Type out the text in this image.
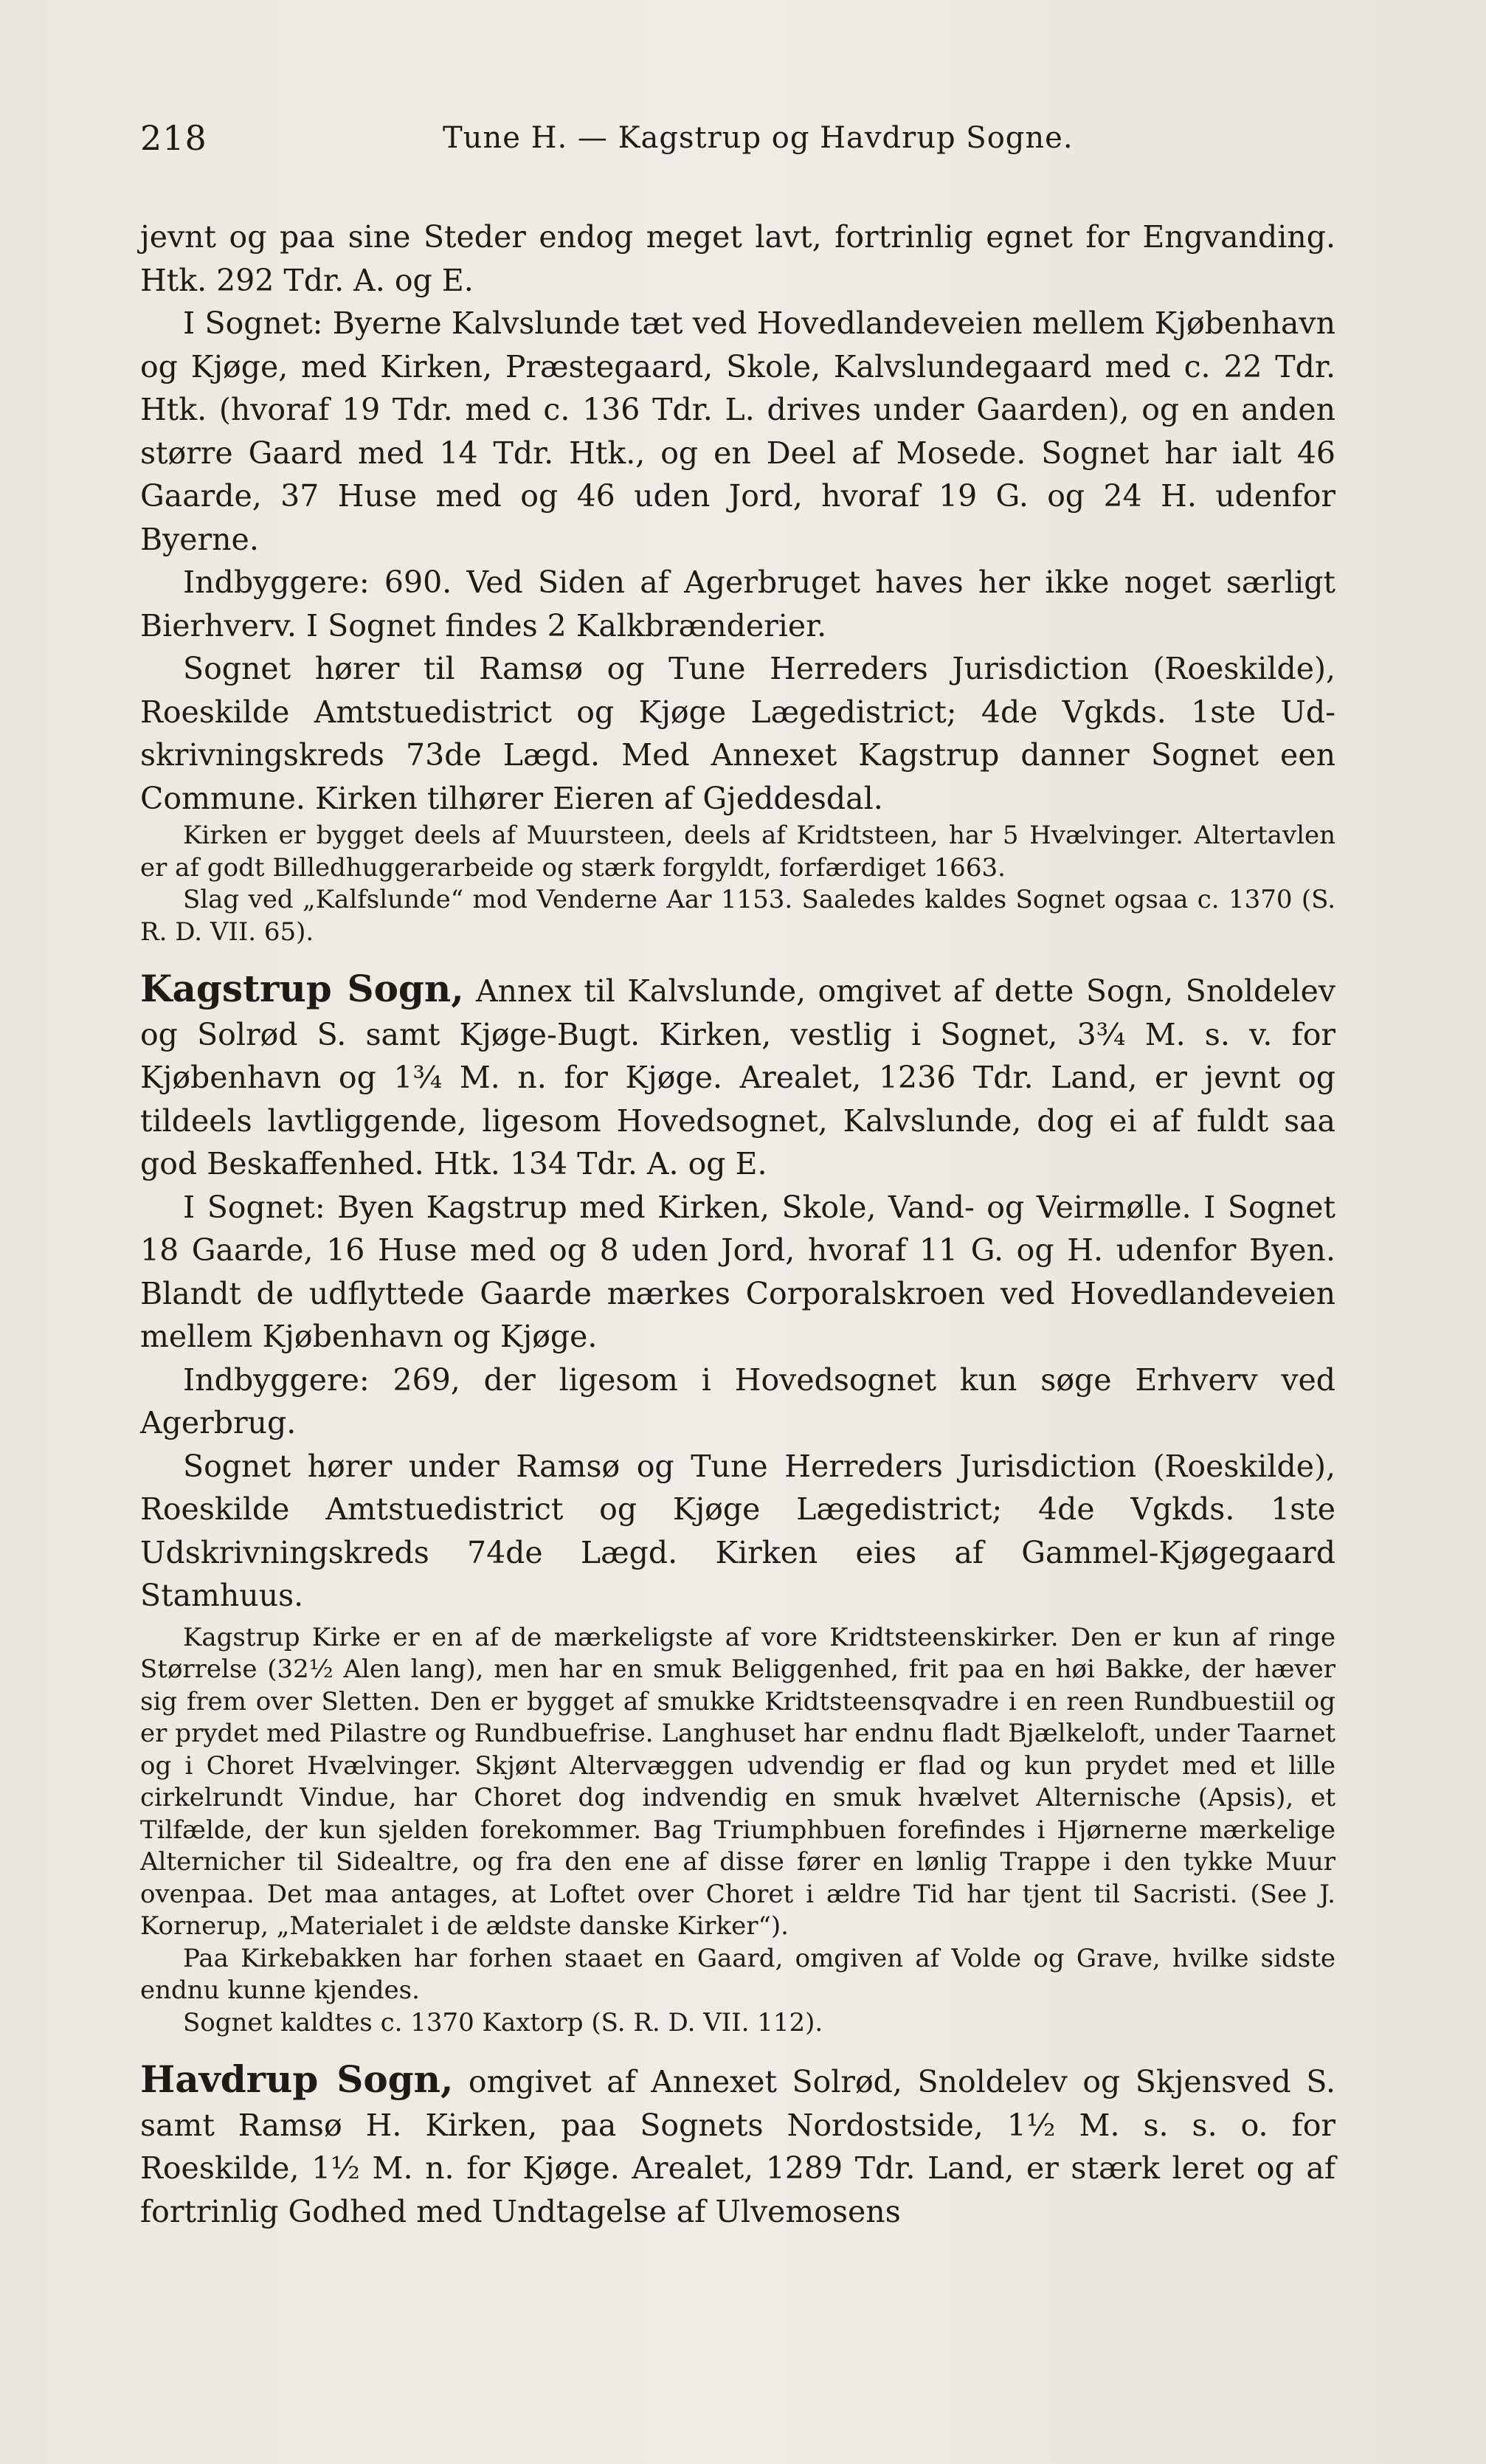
218	Tune H. — Kagstrup og Havdrup Sogne.

jevnt og paa sine Steder endog meget lavt, fortrinlig egnet for Engvanding. Htk. 292 Tdr. A. og E.

I Sognet: Byerne Kalvslunde tæt ved Hovedlandeveien mellem Kjøbenhavn og Kjøge, med Kirken, Præstegaard, Skole, Kalvslundegaard med c. 22 Tdr. Htk. (hvoraf 19 Tdr. med c. 136 Tdr. L. drives under Gaarden), og en anden større Gaard med 14 Tdr. Htk., og en Deel af Mosede. Sognet har ialt 46 Gaarde, 37 Huse med og 46 uden Jord, hvoraf 19 G. og 24 H. udenfor Byerne.

Indbyggere: 690. Ved Siden af Agerbruget haves her ikke noget særligt Bierhverv. I Sognet findes 2 Kalkbrænderier.

Sognet hører til Ramsø og Tune Herreders Jurisdiction (Roeskilde), Roeskilde Amtstuedistrict og Kjøge Lægedistrict; 4de Vgkds. 1ste Udskrivningskreds 73de Lægd. Med Annexet Kagstrup danner Sognet een Commune. Kirken tilhører Eieren af Gjeddesdal.

Kirken er bygget deels af Muursteen, deels af Kridtsteen, har 5 Hvælvinger. Altertavlen er af godt Billedhuggerarbeide og stærk forgyldt, forfærdiget 1663.

Slag ved „Kalfslunde“ mod Venderne Aar 1153. Saaledes kaldes Sognet ogsaa c. 1370 (S. R. D. VII. 65).

Kagstrup Sogn, Annex til Kalvslunde, omgivet af dette Sogn, Snoldelev og Solrød S. samt Kjøge-Bugt. Kirken, vestlig i Sognet, 3¾ M. s. v. for Kjøbenhavn og 1¾ M. n. for Kjøge. Arealet, 1236 Tdr. Land, er jevnt og tildeels lavtliggende, ligesom Hovedsognet, Kalvslunde, dog ei af fuldt saa god Beskaffenhed. Htk. 134 Tdr. A. og E.

I Sognet: Byen Kagstrup med Kirken, Skole, Vand- og Veirmølle. I Sognet 18 Gaarde, 16 Huse med og 8 uden Jord, hvoraf 11 G. og H. udenfor Byen. Blandt de udflyttede Gaarde mærkes Corporalskroen ved Hovedlandeveien mellem Kjøbenhavn og Kjøge.

Indbyggere: 269, der ligesom i Hovedsognet kun søge Erhverv ved Agerbrug.

Sognet hører under Ramsø og Tune Herreders Jurisdiction (Roeskilde), Roeskilde Amtstuedistrict og Kjøge Lægedistrict; 4de Vgkds. 1ste Udskrivningskreds 74de Lægd. Kirken eies af Gammel-Kjøgegaard Stamhuus.

Kagstrup Kirke er en af de mærkeligste af vore Kridtsteenskirker. Den er kun af ringe Størrelse (32½ Alen lang), men har en smuk Beliggenhed, frit paa en høi Bakke, der hæver sig frem over Sletten. Den er bygget af smukke Kridtsteensqvadre i en reen Rundbuestiil og er prydet med Pilastre og Rundbuefrise. Langhuset har endnu fladt Bjælkeloft, under Taarnet og i Choret Hvælvinger. Skjønt Altervæggen udvendig er flad og kun prydet med et lille cirkelrundt Vindue, har Choret dog indvendig en smuk hvælvet Alternische (Apsis), et Tilfælde, der kun sjelden forekommer. Bag Triumphbuen forefindes i Hjørnerne mærkelige Alternicher til Sidealtre, og fra den ene af disse fører en lønlig Trappe i den tykke Muur ovenpaa. Det maa antages, at Loftet over Choret i ældre Tid har tjent til Sacristi. (See J. Kornerup, „Materialet i de ældste danske Kirker“).

Paa Kirkebakken har forhen staaet en Gaard, omgiven af Volde og Grave, hvilke sidste endnu kunne kjendes.

Sognet kaldtes c. 1370 Kaxtorp (S. R. D. VII. 112).

Havdrup Sogn, omgivet af Annexet Solrød, Snoldelev og Skjensved S. samt Ramsø H. Kirken, paa Sognets Nordostside, 1½ M. s. s. o. for Roeskilde, 1½ M. n. for Kjøge. Arealet, 1289 Tdr. Land, er stærk leret og af fortrinlig Godhed med Undtagelse af Ulvemosens
